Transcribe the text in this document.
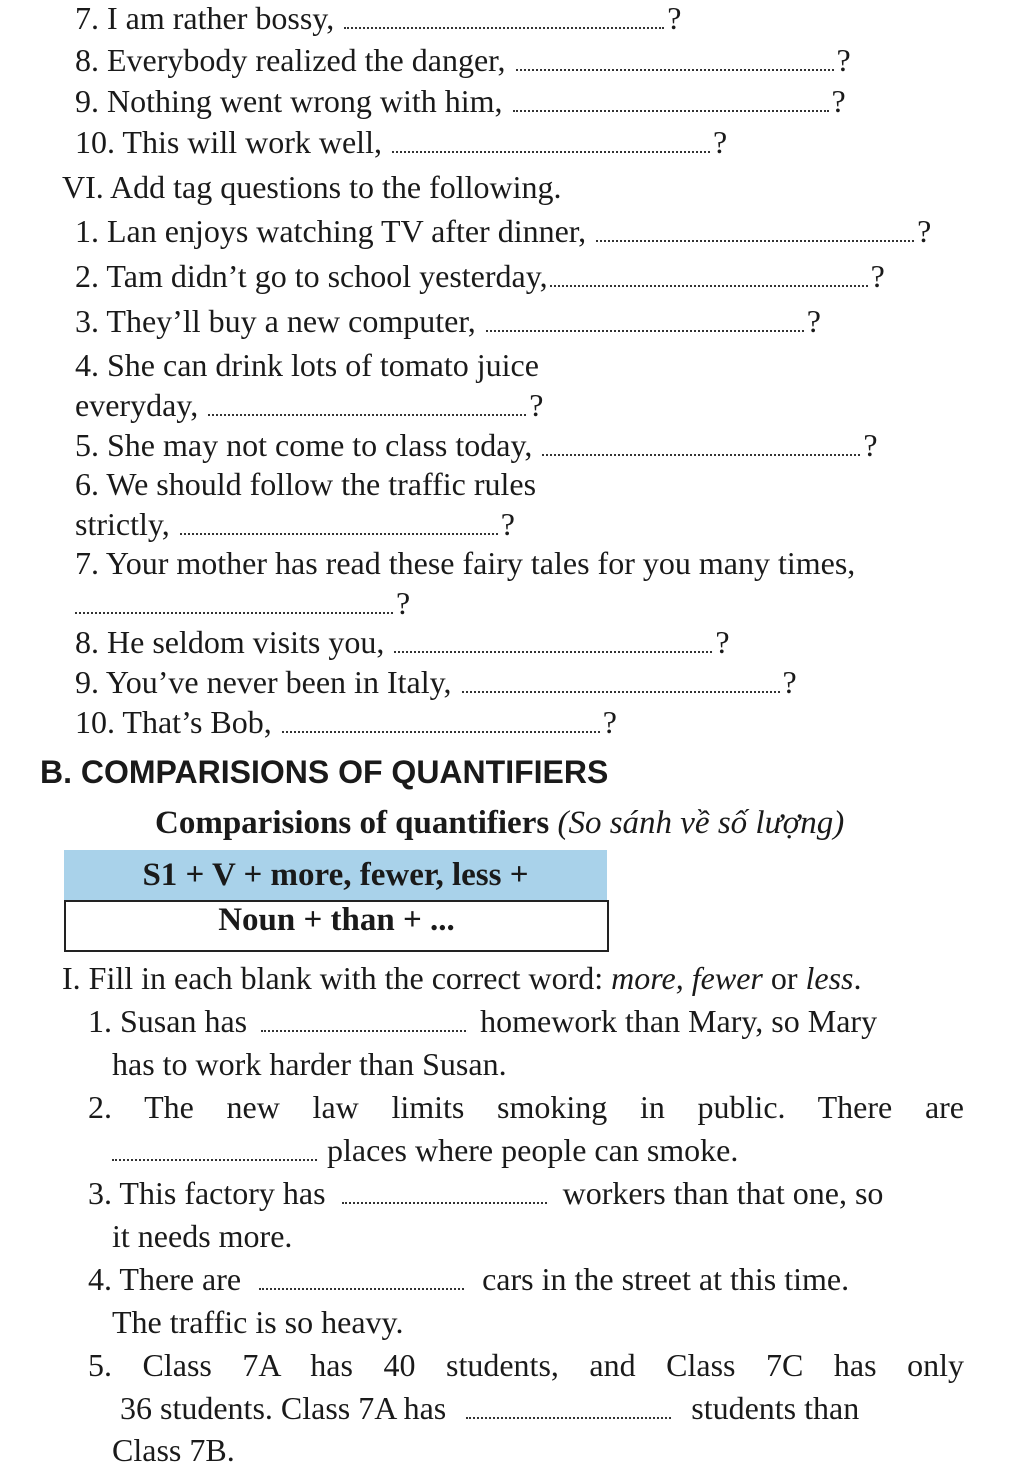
7. I am rather bossy,	?
8. Everybody realized the danger,	?
9. Nothing went wrong with him,	?
10. This will work well,	?
VI. Add tag questions to the following.
1. Lan enjoys watching TV after dinner,	?
2. Tam didn’t go to school yesterday,	?
3. They’ll buy a new computer,	?
4. She can drink lots of tomato juice
everyday,	?
5. She may not come to class today,	?
6. We should follow the traffic rules
strictly,	?
7. Your mother has read these fairy tales for you many times,
?
8. He seldom visits you,	?
9. You’ve never been in Italy,	?
10. That’s Bob,	?
B. COMPARISIONS OF QUANTIFIERS
Comparisions of quantifiers (So sánh về số lượng)
S1 + V + more, fewer, less +
Noun + than + ...
I. Fill in each blank with the correct word: more, fewer or less.
1. Susan has	homework than Mary, so Mary
has to work harder than Susan.
2. The new law limits smoking in public. There are
places where people can smoke.
3. This factory has	workers than that one, so
it needs more.
4. There are	cars in the street at this time.
The traffic is so heavy.
5. Class 7A has 40 students, and Class 7C has only
36 students. Class 7A has	students than
Class 7B.
